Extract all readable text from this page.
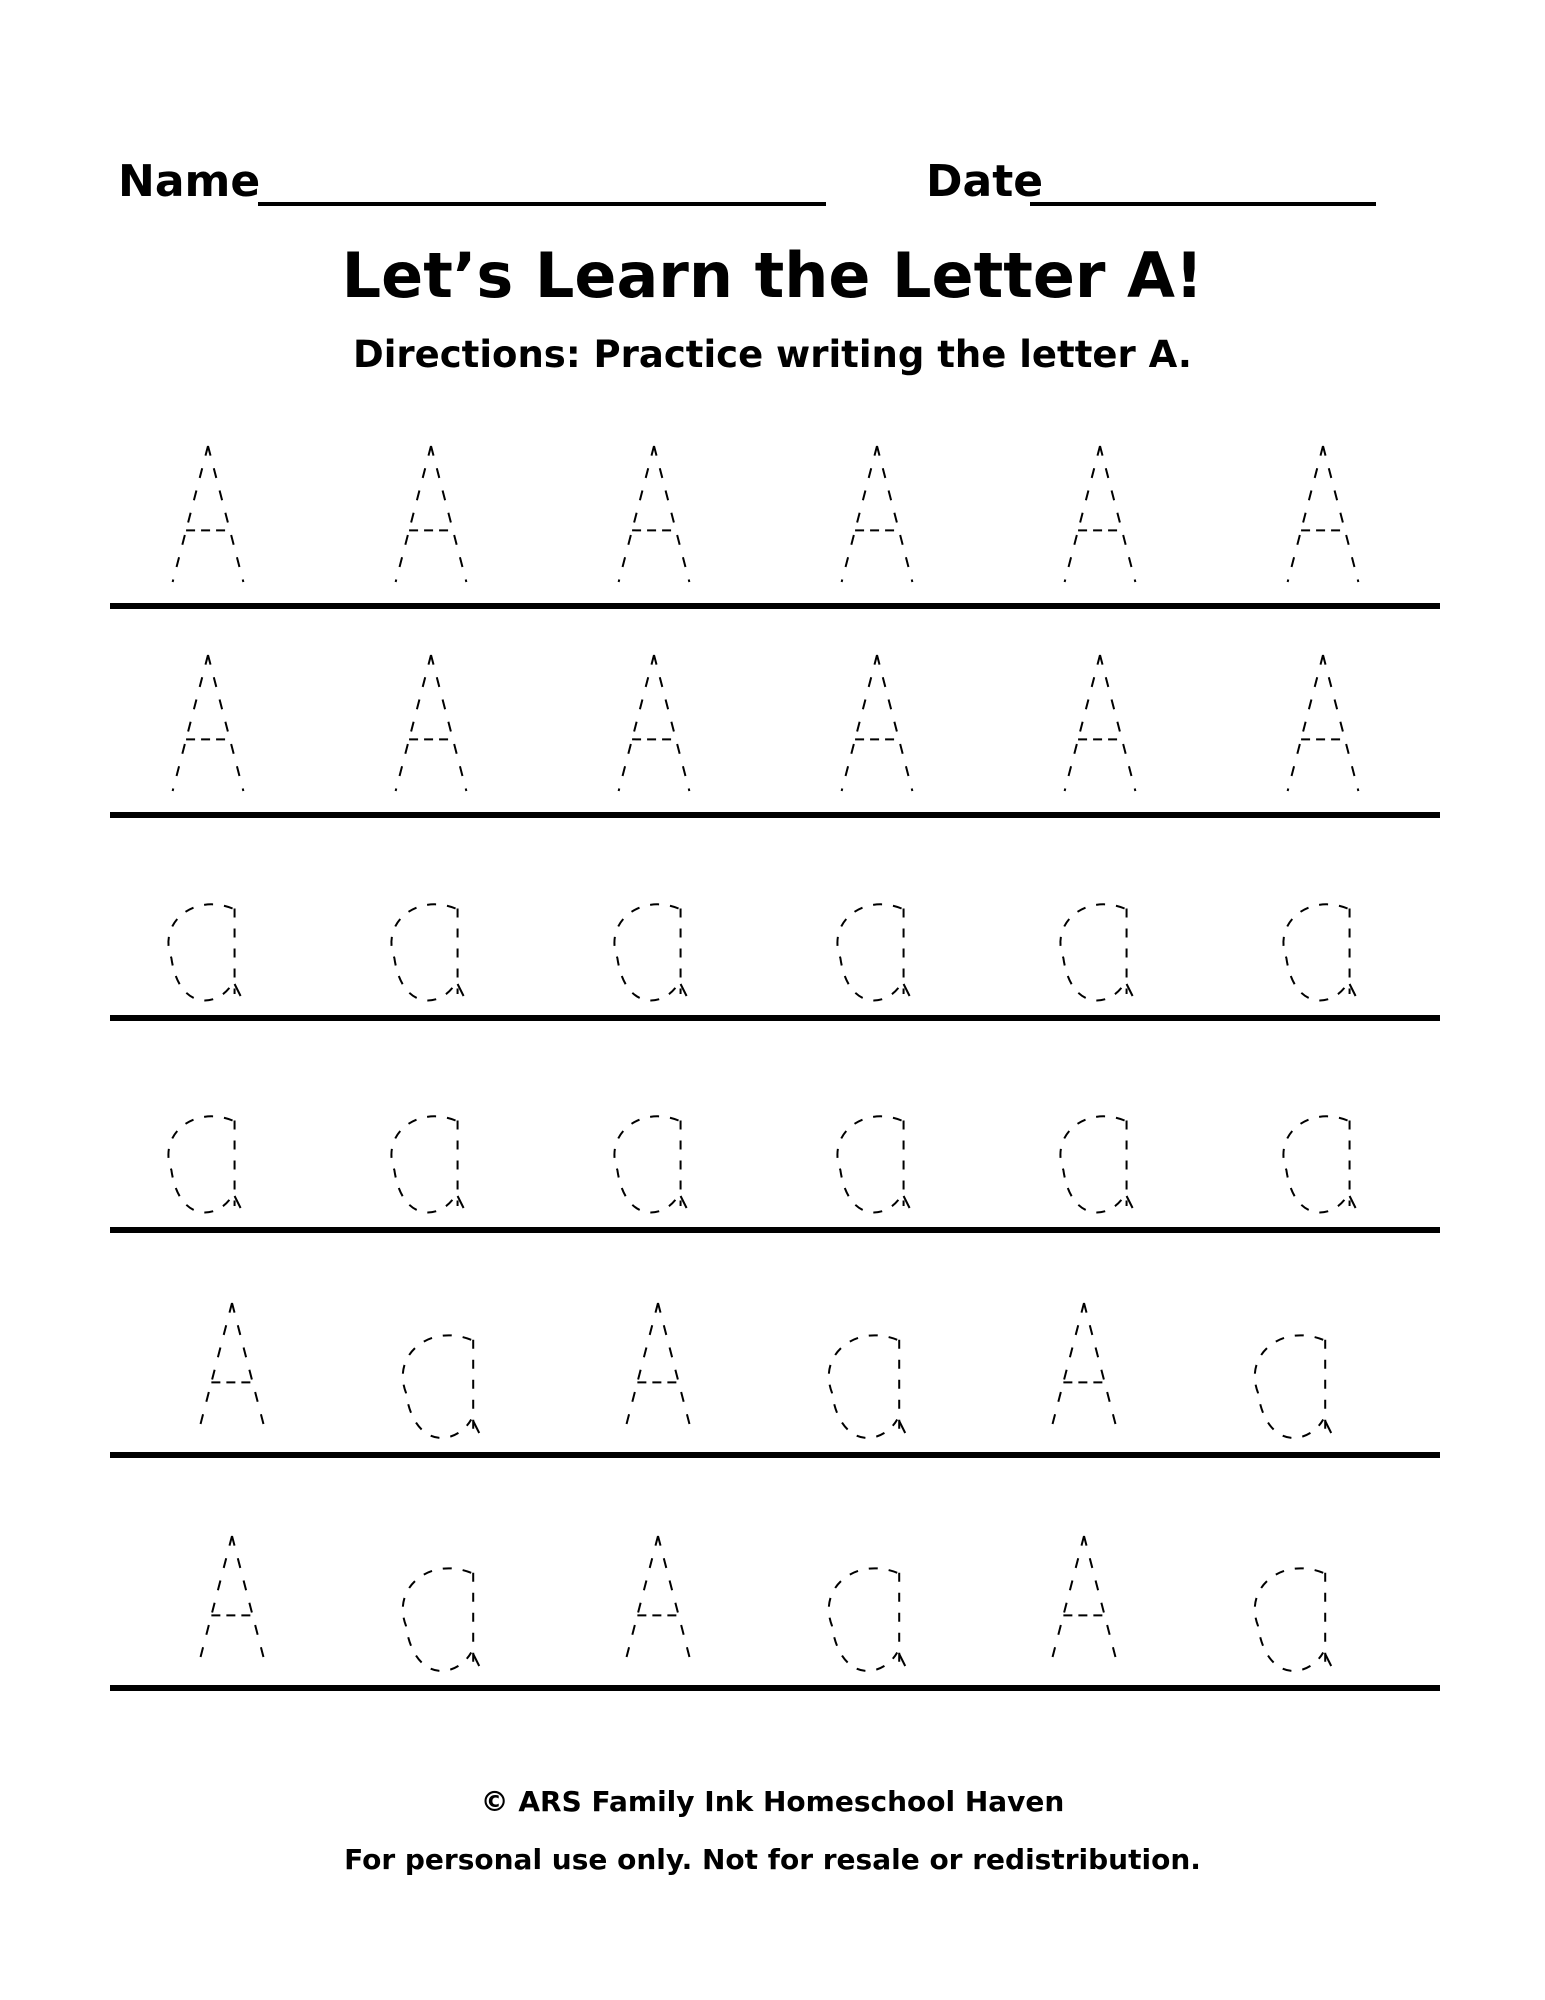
Name	Date
Let’s Learn the Letter A!
Directions: Practice writing the letter A.
© ARS Family Ink Homeschool Haven
For personal use only. Not for resale or redistribution.
